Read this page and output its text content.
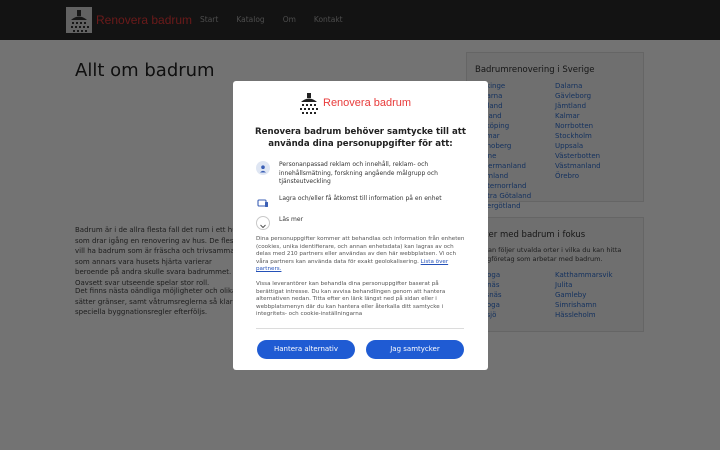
Renovera badrum
Renovera badrum behöver samtycke till att använda dina personuppgifter för att:
Personanpassad reklam och innehåll, reklam- och innehållsmätning, forskning angående målgrupp och tjänsteutveckling
Lagra och/eller få åtkomst till information på en enhet
Läs mer

Dina personuppgifter kommer att behandlas och information från enheten (cookies, unika identifierare, och annan enhetsdata) kan lagras av och delas med 210 partners eller användas av den här webbplatsen. Vi och våra partners kan använda data för exakt geolokalisering. Lista över partners.

Vissa leverantörer kan behandla dina personuppgifter baserat på berättigat intresse. Du kan avvisa behandlingen genom att hantera alternativen nedan. Titta efter en länk längst ned på sidan eller i webbplatsmenyn där du kan hantera eller återkalla ditt samtycke i integritets- och cookie-inställningarna

Hantera alternativ	Jag samtycker
